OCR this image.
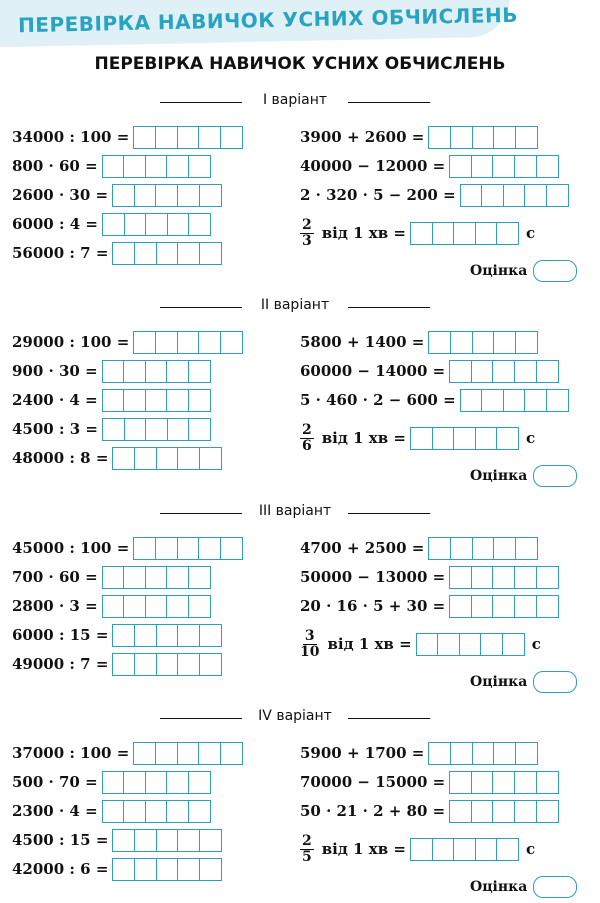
ПЕРЕВІРКА НАВИЧОК УСНИХ ОБЧИСЛЕНЬ
ПЕРЕВІРКА НАВИЧОК УСНИХ ОБЧИСЛЕНЬ
I варіант
34000 : 100 =
800 · 60 =
2600 · 30 =
6000 : 4 =
56000 : 7 =
3900 + 2600 =
40000 − 12000 =
2 · 320 · 5 − 200 =
$\frac{2}{3}$ від 1 хв =	с
Оцінка
II варіант
29000 : 100 =
900 · 30 =
2400 · 4 =
4500 : 3 =
48000 : 8 =
5800 + 1400 =
60000 − 14000 =
5 · 460 · 2 − 600 =
$\frac{2}{6}$ від 1 хв =	с
Оцінка
III варіант
45000 : 100 =
700 · 60 =
2800 · 3 =
6000 : 15 =
49000 : 7 =
4700 + 2500 =
50000 − 13000 =
20 · 16 · 5 + 30 =
$\frac{3}{10}$ від 1 хв =	с
Оцінка
IV варіант
37000 : 100 =
500 · 70 =
2300 · 4 =
4500 : 15 =
42000 : 6 =
5900 + 1700 =
70000 − 15000 =
50 · 21 · 2 + 80 =
$\frac{2}{5}$ від 1 хв =	с
Оцінка
